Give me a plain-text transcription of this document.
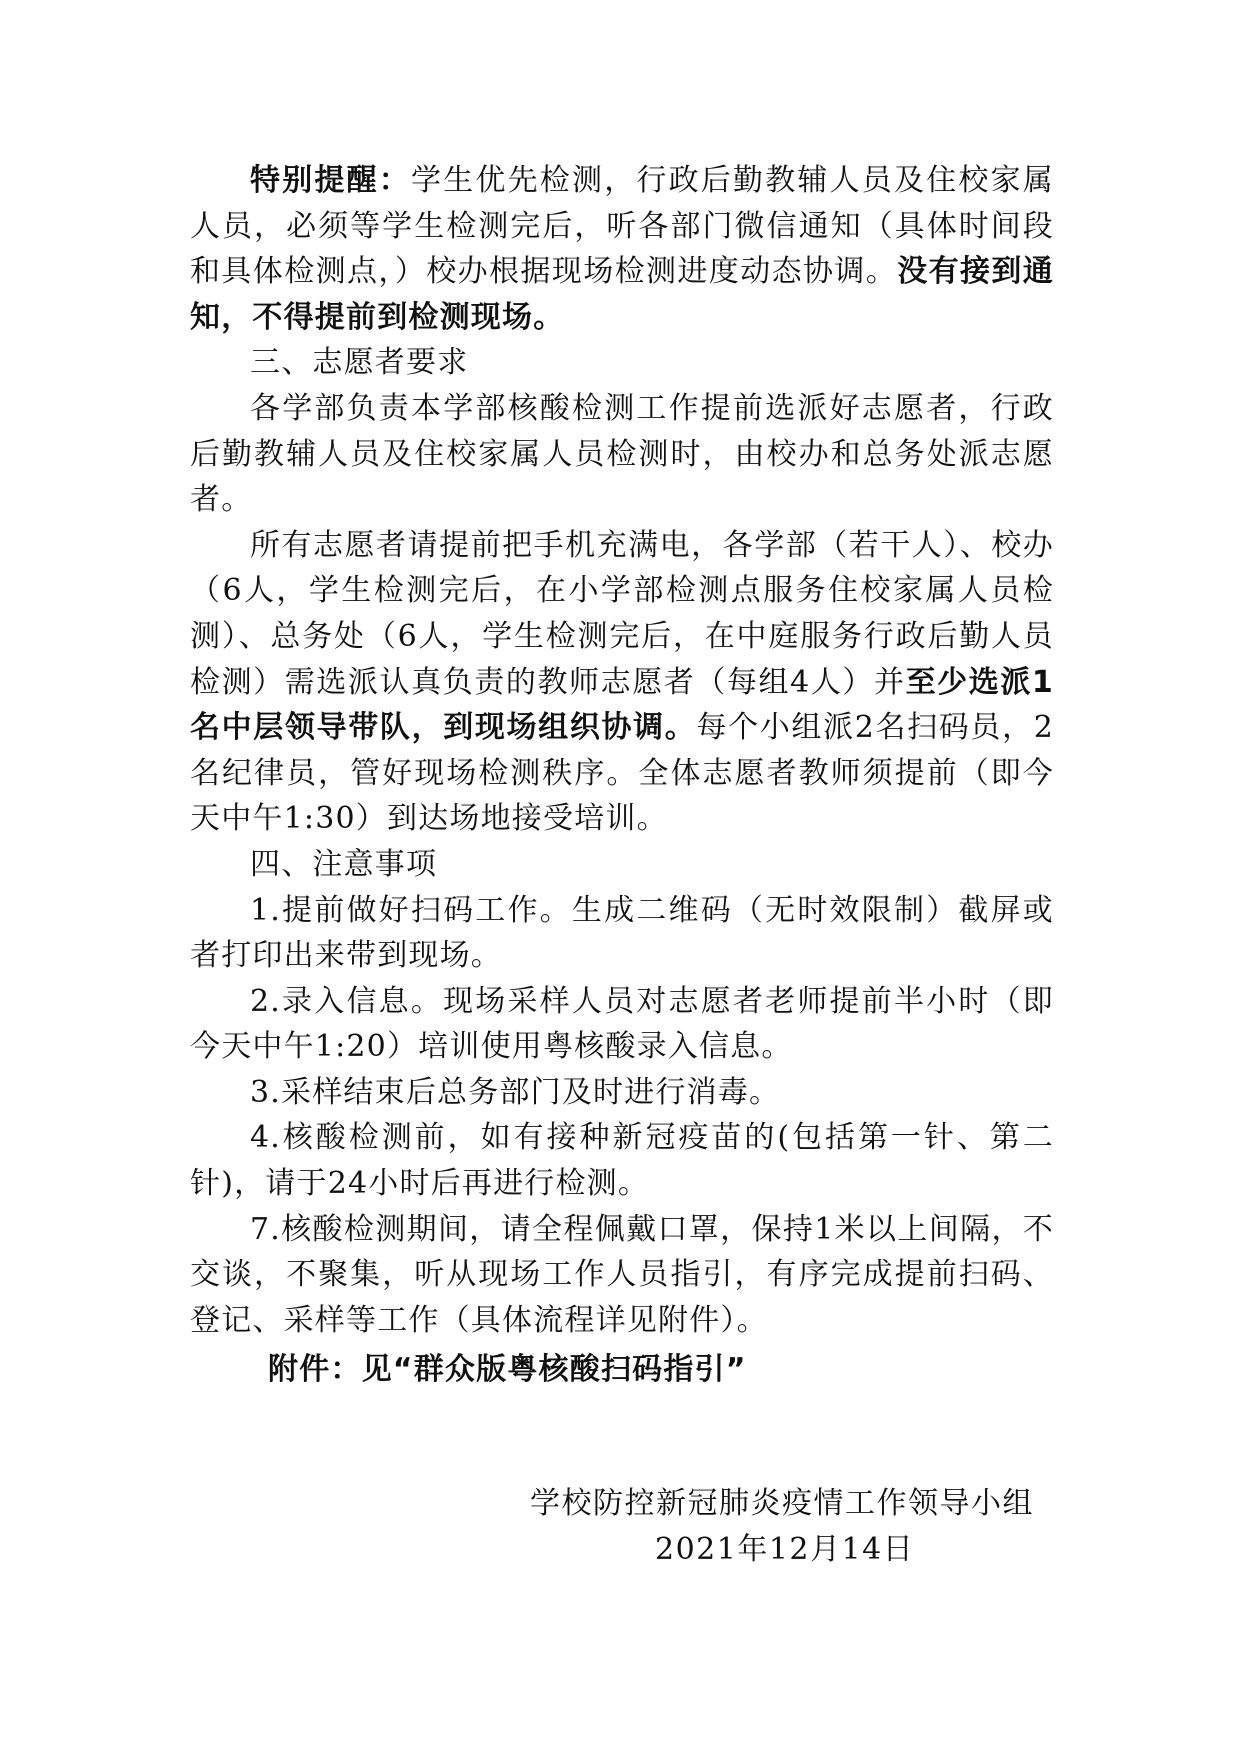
特别提醒：学生优先检测，行政后勤教辅人员及住校家属人员，必须等学生检测完后，听各部门微信通知（具体时间段和具体检测点，）校办根据现场检测进度动态协调。没有接到通知，不得提前到检测现场。

三、志愿者要求

各学部负责本学部核酸检测工作提前选派好志愿者，行政后勤教辅人员及住校家属人员检测时，由校办和总务处派志愿者。

所有志愿者请提前把手机充满电，各学部（若干人）、校办（6人，学生检测完后，在小学部检测点服务住校家属人员检测）、总务处（6人，学生检测完后，在中庭服务行政后勤人员检测）需选派认真负责的教师志愿者（每组4人）并至少选派1名中层领导带队，到现场组织协调。每个小组派2名扫码员，2名纪律员，管好现场检测秩序。全体志愿者教师须提前（即今天中午1:30）到达场地接受培训。

四、注意事项

1.提前做好扫码工作。生成二维码（无时效限制）截屏或者打印出来带到现场。

2.录入信息。现场采样人员对志愿者老师提前半小时（即今天中午1:20）培训使用粤核酸录入信息。

3.采样结束后总务部门及时进行消毒。

4.核酸检测前，如有接种新冠疫苗的(包括第一针、第二针)，请于24小时后再进行检测。

7.核酸检测期间，请全程佩戴口罩，保持1米以上间隔，不交谈，不聚集，听从现场工作人员指引，有序完成提前扫码、登记、采样等工作（具体流程详见附件）。

附件：见“群众版粤核酸扫码指引”
学校防控新冠肺炎疫情工作领导小组
2021年12月14日
